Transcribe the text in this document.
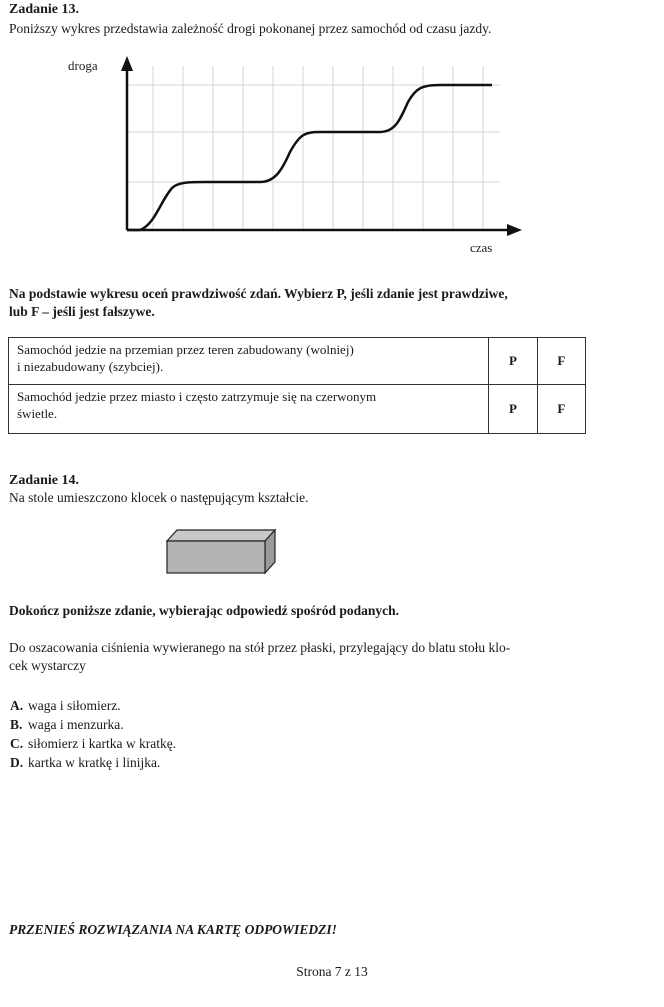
Zadanie 13.
Poniższy wykres przedstawia zależność drogi pokonanej przez samochód od czasu jazdy.
droga
czas
Na podstawie wykresu oceń prawdziwość zdań. Wybierz P, jeśli zdanie jest prawdziwe,
lub F – jeśli jest fałszywe.
Samochód jedzie na przemian przez teren zabudowany (wolniej)
i niezabudowany (szybciej).	P	F
Samochód jedzie przez miasto i często zatrzymuje się na czerwonym
świetle.	P	F
Zadanie 14.
Na stole umieszczono klocek o następującym kształcie.
Dokończ poniższe zdanie, wybierając odpowiedź spośród podanych.
Do oszacowania ciśnienia wywieranego na stół przez płaski, przylegający do blatu stołu klo-
cek wystarczy
A. waga i siłomierz.
B. waga i menzurka.
C. siłomierz i kartka w kratkę.
D. kartka w kratkę i linijka.
PRZENIEŚ ROZWIĄZANIA NA KARTĘ ODPOWIEDZI!
Strona 7 z 13
